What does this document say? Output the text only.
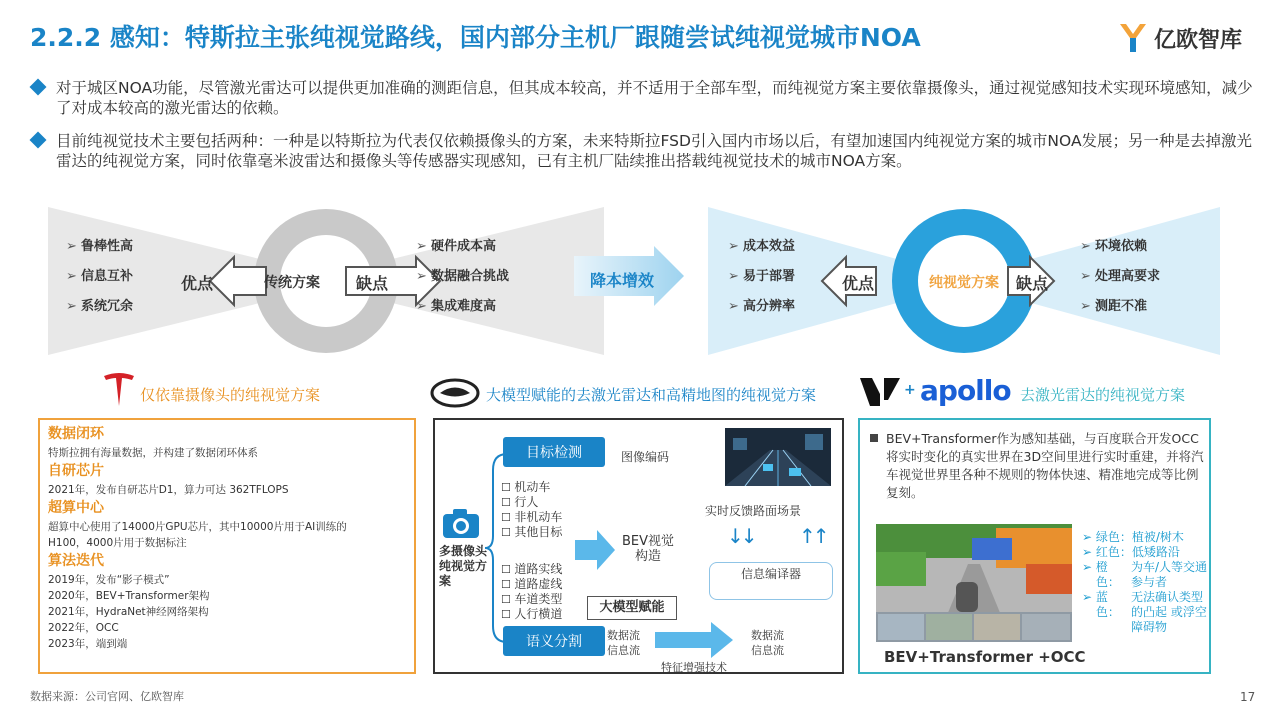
2.2.2 感知：特斯拉主张纯视觉路线，国内部分主机厂跟随尝试纯视觉城市NOA	亿欧智库
对于城区NOA功能，尽管激光雷达可以提供更加准确的测距信息，但其成本较高，并不适用于全部车型，而纯视觉方案主要依靠摄像头，通过视觉感知技术实现环境感知，减少了对成本较高的激光雷达的依赖。
目前纯视觉技术主要包括两种：一种是以特斯拉为代表仅依赖摄像头的方案，未来特斯拉FSD引入国内市场以后，有望加速国内纯视觉方案的城市NOA发展；另一种是去掉激光雷达的纯视觉方案，同时依靠毫米波雷达和摄像头等传感器实现感知，已有主机厂陆续推出搭载纯视觉技术的城市NOA方案。
➢ 鲁棒性高
➢ 信息互补
➢ 系统冗余
优点	传统方案	缺点
➢ 硬件成本高
➢ 数据融合挑战
➢ 集成难度高
降本增效
➢ 成本效益
➢ 易于部署
➢ 高分辨率
优点	纯视觉方案	缺点
➢ 环境依赖
➢ 处理高要求
➢ 测距不准
仅依靠摄像头的纯视觉方案	大模型赋能的去激光雷达和高精地图的纯视觉方案	+ apollo 去激光雷达的纯视觉方案
数据闭环
特斯拉拥有海量数据，并构建了数据闭环体系
自研芯片
2021年，发布自研芯片D1，算力可达 362TFLOPS
超算中心
超算中心使用了14000片GPU芯片，其中10000片用于AI训练的
H100，4000片用于数据标注
算法迭代
2019年，发布“影子模式”
2020年，BEV+Transformer架构
2021年，HydraNet神经网络架构
2022年，OCC
2023年，端到端
多摄像头纯视觉方案
目标检测	图像编码
☐ 机动车
☐ 行人
☐ 非机动车
☐ 其他目标
BEV视觉构造
实时反馈路面场景
↓↓ ↑↑
信息编译器
☐ 道路实线
☐ 道路虚线
☐ 车道类型
☐ 人行横道	大模型赋能
语义分割	数据流信息流
数据流信息流
特征增强技术
BEV+Transformer作为感知基础，与百度联合开发OCC将实时变化的真实世界在3D空间里进行实时重建，并将汽车视觉世界里各种不规则的物体快速、精准地完成等比例复刻。
➢ 绿色： 植被/树木
➢ 红色： 低矮路沿
➢ 橙色：
为车/人等交通参与者
➢ 蓝色：
无法确认类型的凸起 或浮空障碍物
BEV+Transformer +OCC
数据来源：公司官网、亿欧智库	17
